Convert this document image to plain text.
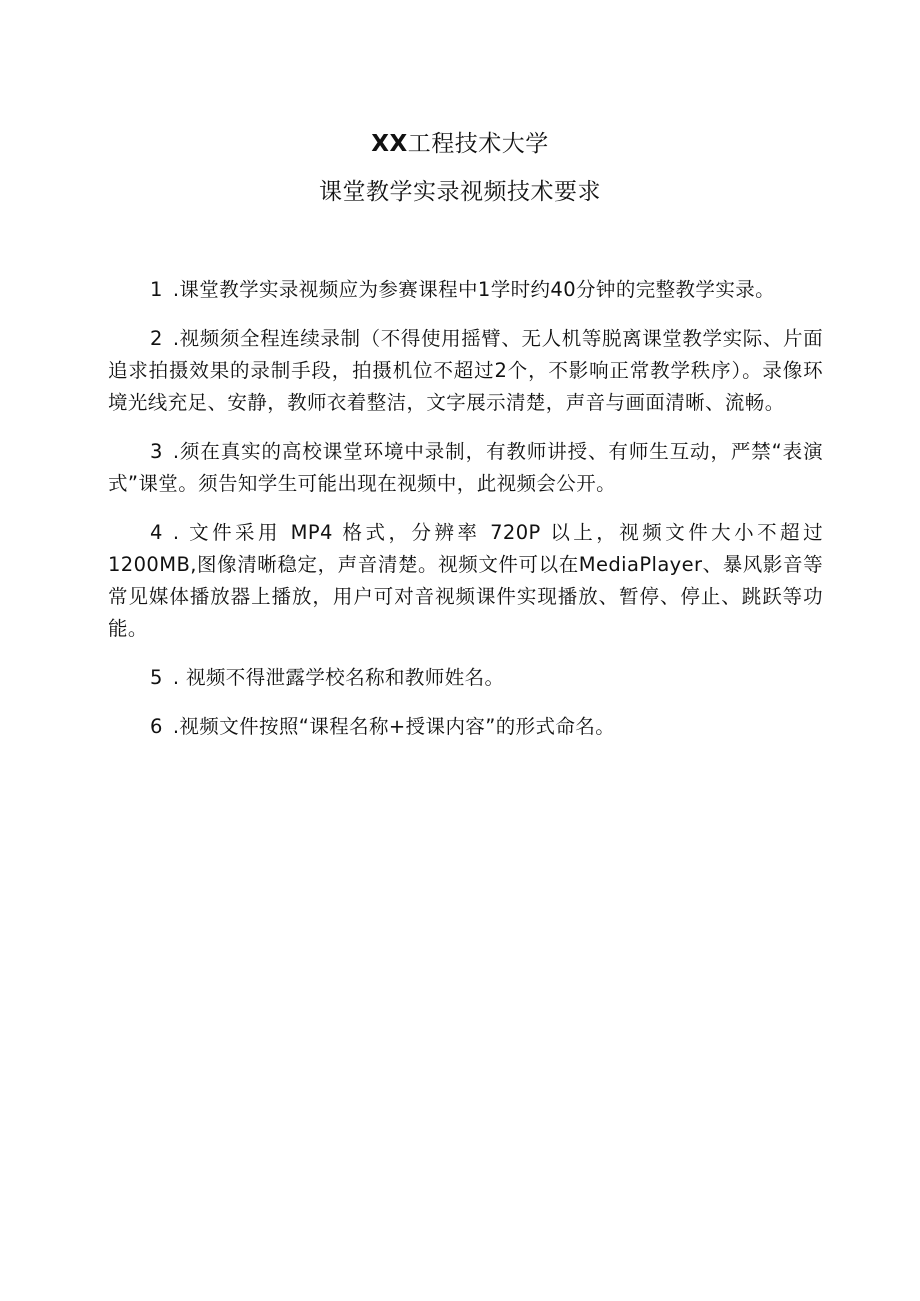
XX工程技术大学
课堂教学实录视频技术要求

1 .课堂教学实录视频应为参赛课程中1学时约40分钟的完整教学实录。

2 .视频须全程连续录制（不得使用摇臂、无人机等脱离课堂教学实际、片面追求拍摄效果的录制手段，拍摄机位不超过2个，不影响正常教学秩序）。录像环境光线充足、安静，教师衣着整洁，文字展示清楚，声音与画面清晰、流畅。

3 .须在真实的高校课堂环境中录制，有教师讲授、有师生互动，严禁“表演式”课堂。须告知学生可能出现在视频中，此视频会公开。

4 . 文件采用 MP4 格式，分辨率 720P 以上，视频文件大小不超过1200MB,图像清晰稳定，声音清楚。视频文件可以在MediaPlayer、暴风影音等常见媒体播放器上播放，用户可对音视频课件实现播放、暂停、停止、跳跃等功能。

5 . 视频不得泄露学校名称和教师姓名。

6 .视频文件按照“课程名称+授课内容”的形式命名。
